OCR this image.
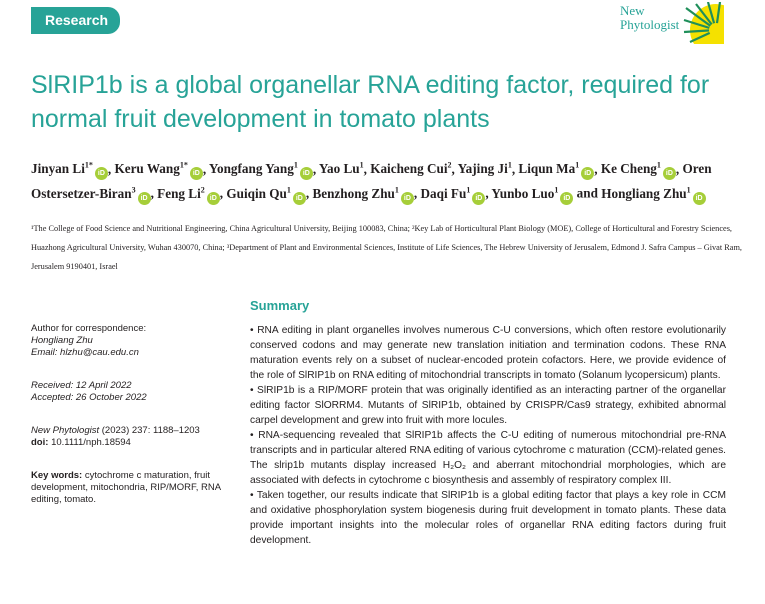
Research
New
Phytologist
SlRIP1b is a global organellar RNA editing factor, required for normal fruit development in tomato plants
Jinyan $Li^{1*}iD$ , Keru Wang$^{1*}$iD , Yongfang Yang$^1$iD , Yao Lu$^1$, Kaicheng Cui$^2$, Yajing Ji$^1$, Liqun Ma$^1$iD , Ke Cheng$^1$iD , Oren Ostersetzer-Biran$^3$iD , Feng Li$^2$iD , Guiqin Qu$^1$iD , Benzhong Zhu$^1$iD , Daqi Fu$^1$iD , Yunbo Luo$^1$iD and Hongliang Zhu$^1$iD
¹The College of Food Science and Nutritional Engineering, China Agricultural University, Beijing 100083, China; ²Key Lab of Horticultural Plant Biology (MOE), College of Horticultural and Forestry Sciences, Huazhong Agricultural University, Wuhan 430070, China; ³Department of Plant and Environmental Sciences, Institute of Life Sciences, The Hebrew University of Jerusalem, Edmond J. Safra Campus – Givat Ram, Jerusalem 9190401, Israel
Summary

Author for correspondence:

Hongliang Zhu

Email: hlzhu@cau.edu.cn

Received: 12 April 2022

Accepted: 26 October 2022

New Phytologist (2023) 237: 1188–1203

doi: 10.1111/nph.18594

Key words: cytochrome c maturation, fruit development, mitochondria, RIP/MORF, RNA editing, tomato.

• RNA editing in plant organelles involves numerous C-U conversions, which often restore evolutionarily conserved codons and may generate new translation initiation and termination codons. These RNA maturation events rely on a subset of nuclear-encoded protein cofactors. Here, we provide evidence of the role of SlRIP1b on RNA editing of mitochondrial transcripts in tomato (Solanum lycopersicum) plants.

• SlRIP1b is a RIP/MORF protein that was originally identified as an interacting partner of the organellar editing factor SlORRM4. Mutants of SlRIP1b, obtained by CRISPR/Cas9 strategy, exhibited abnormal carpel development and grew into fruit with more locules.

• RNA-sequencing revealed that SlRIP1b affects the C-U editing of numerous mitochondrial pre-RNA transcripts and in particular altered RNA editing of various cytochrome c maturation (CCM)-related genes. The slrip1b mutants display increased H₂O₂ and aberrant mitochondrial morphologies, which are associated with defects in cytochrome c biosynthesis and assembly of respiratory complex III.

• Taken together, our results indicate that SlRIP1b is a global editing factor that plays a key role in CCM and oxidative phosphorylation system biogenesis during fruit development in tomato plants. These data provide important insights into the molecular roles of organellar RNA editing factors during fruit development.
